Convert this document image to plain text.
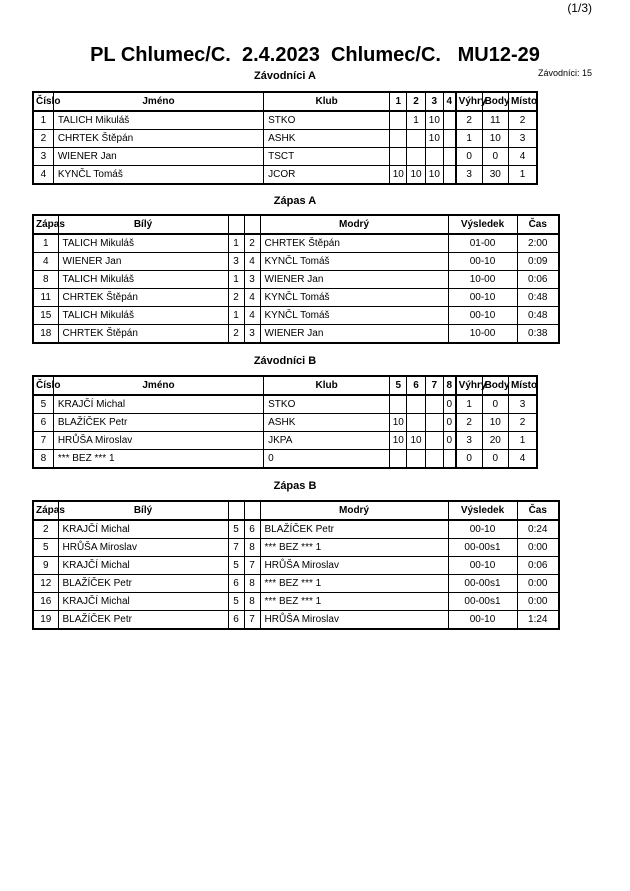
(1/3)
PL Chlumec/C.  2.4.2023  Chlumec/C.   MU12-29
Závodníci: 15
Závodníci A
Číslo	Jméno	Klub	1	2	3	4	Výhry	Body	Místo
1	TALICH Mikuláš	STKO		1	10		2	11	2
2	CHRTEK Štěpán	ASHK			10		1	10	3
3	WIENER Jan	TSCT					0	0	4
4	KYNČL Tomáš	JCOR	10	10	10		3	30	1
Zápas A
Zápas	Bílý			Modrý	Výsledek	Čas
1	TALICH Mikuláš	1	2	CHRTEK Štěpán	01-00	2:00
4	WIENER Jan	3	4	KYNČL Tomáš	00-10	0:09
8	TALICH Mikuláš	1	3	WIENER Jan	10-00	0:06
11	CHRTEK Štěpán	2	4	KYNČL Tomáš	00-10	0:48
15	TALICH Mikuláš	1	4	KYNČL Tomáš	00-10	0:48
18	CHRTEK Štěpán	2	3	WIENER Jan	10-00	0:38
Závodníci B
Číslo	Jméno	Klub	5	6	7	8	Výhry	Body	Místo
5	KRAJČÍ Michal	STKO				0	1	0	3
6	BLAŽÍČEK Petr	ASHK	10			0	2	10	2
7	HRŮŠA Miroslav	JKPA	10	10		0	3	20	1
8	*** BEZ *** 1	0					0	0	4
Zápas B
Zápas	Bílý			Modrý	Výsledek	Čas
2	KRAJČÍ Michal	5	6	BLAŽÍČEK Petr	00-10	0:24
5	HRŮŠA Miroslav	7	8	*** BEZ *** 1	00-00s1	0:00
9	KRAJČÍ Michal	5	7	HRŮŠA Miroslav	00-10	0:06
12	BLAŽÍČEK Petr	6	8	*** BEZ *** 1	00-00s1	0:00
16	KRAJČÍ Michal	5	8	*** BEZ *** 1	00-00s1	0:00
19	BLAŽÍČEK Petr	6	7	HRŮŠA Miroslav	00-10	1:24
